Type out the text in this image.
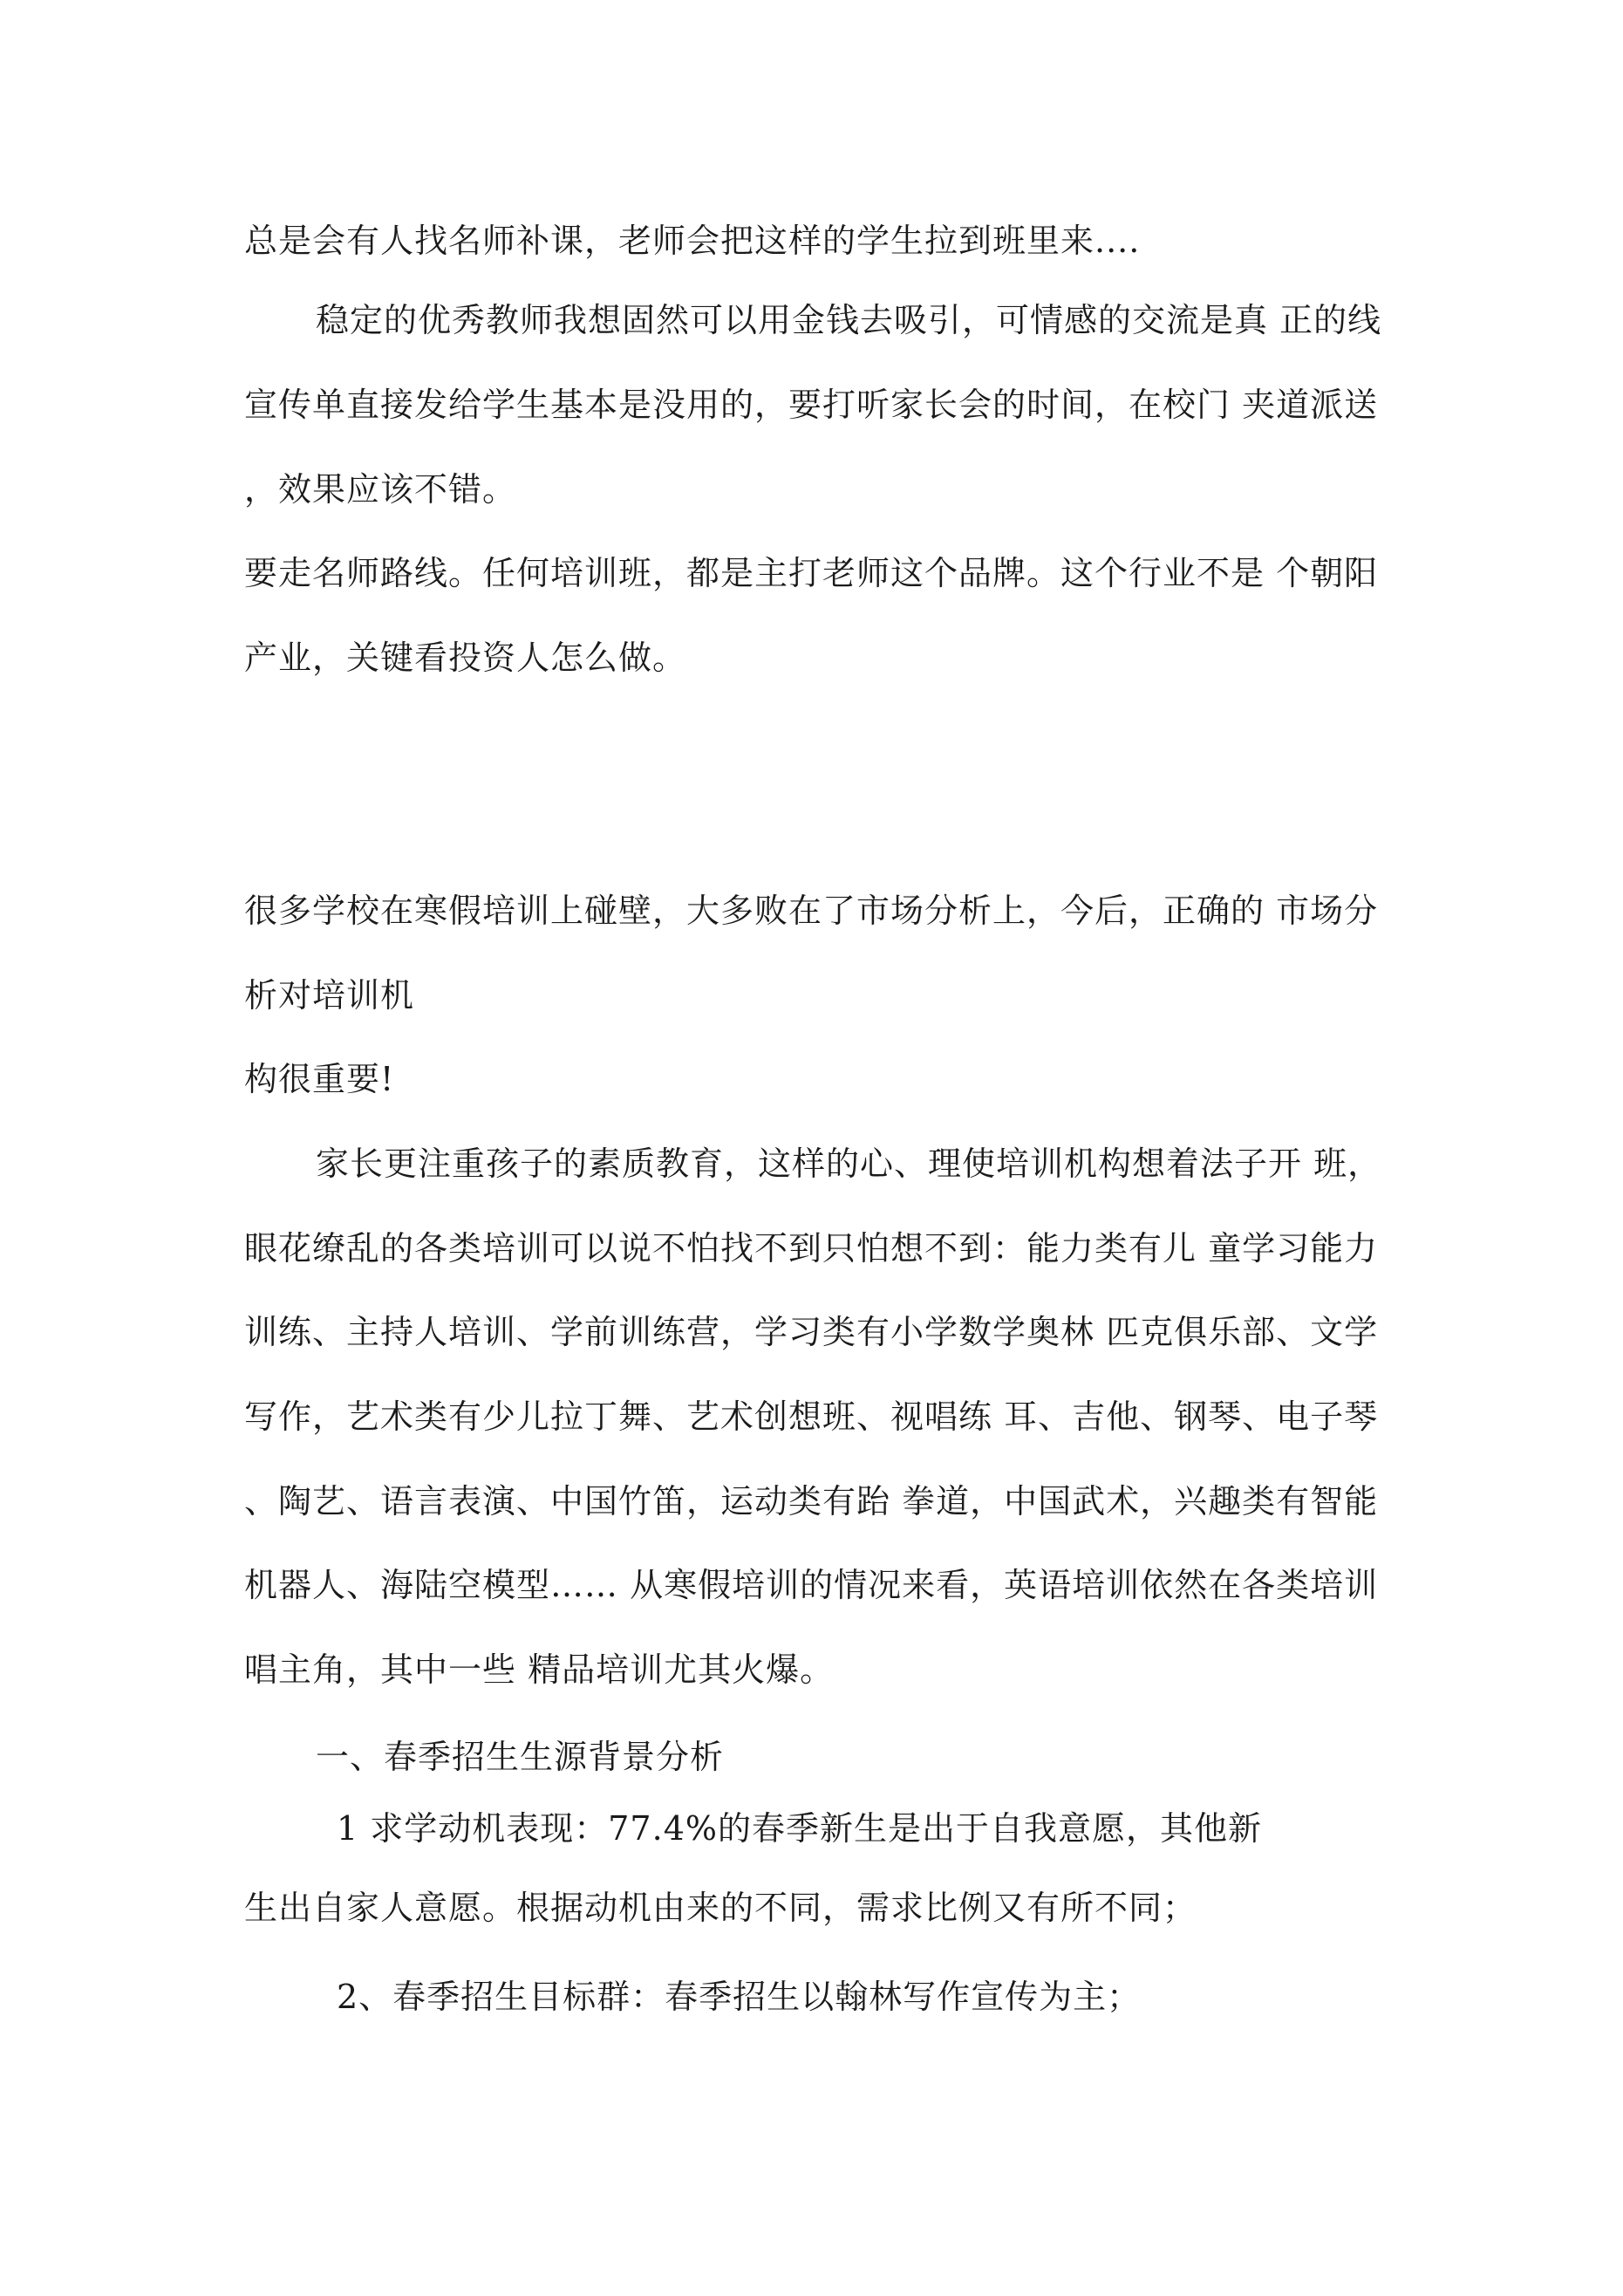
总是会有人找名师补课，老师会把这样的学生拉到班里来....
稳定的优秀教师我想固然可以用金钱去吸引，可情感的交流是真 正的线
宣传单直接发给学生基本是没用的，要打听家长会的时间，在校门 夹道派送
，效果应该不错。
要走名师路线。任何培训班，都是主打老师这个品牌。这个行业不是 个朝阳
产业，关键看投资人怎么做。
很多学校在寒假培训上碰壁，大多败在了市场分析上，今后，正确的 市场分
析对培训机
构很重要!
家长更注重孩子的素质教育，这样的心、理使培训机构想着法子开 班，
眼花缭乱的各类培训可以说不怕找不到只怕想不到：能力类有儿 童学习能力
训练、主持人培训、学前训练营，学习类有小学数学奥林 匹克俱乐部、文学
写作，艺术类有少儿拉丁舞、艺术创想班、视唱练 耳、吉他、钢琴、电子琴
、陶艺、语言表演、中国竹笛，运动类有跆 拳道，中国武术，兴趣类有智能
机器人、海陆空模型…… 从寒假培训的情况来看，英语培训依然在各类培训
唱主角，其中一些 精品培训尤其火爆。
一、春季招生生源背景分析
1 求学动机表现：77.4%的春季新生是出于自我意愿，其他新
生出自家人意愿。根据动机由来的不同，需求比例又有所不同；
2、春季招生目标群：春季招生以翰林写作宣传为主；
